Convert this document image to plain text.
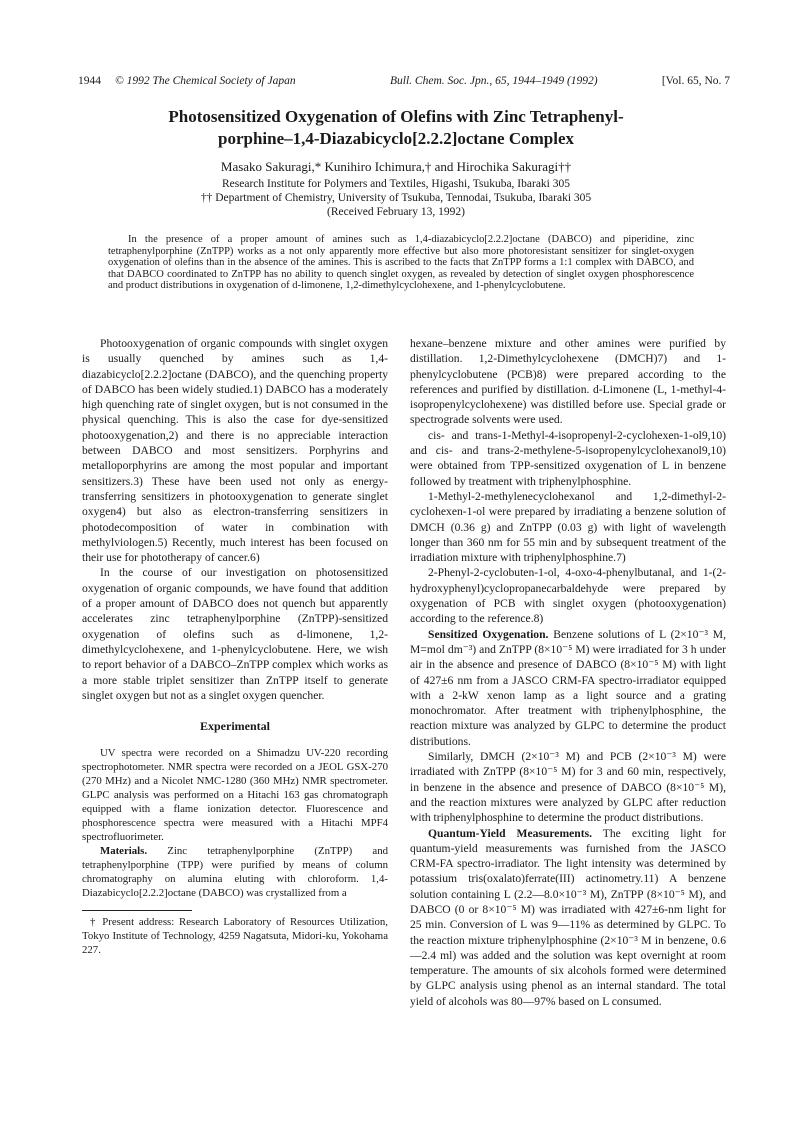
1944 © 1992 The Chemical Society of Japan	Bull. Chem. Soc. Jpn., 65, 1944–1949 (1992)	[Vol. 65, No. 7
Photosensitized Oxygenation of Olefins with Zinc Tetraphenyl-
porphine–1,4-Diazabicyclo[2.2.2]octane Complex
Masako Sakuragi,* Kunihiro Ichimura,† and Hirochika Sakuragi††
Research Institute for Polymers and Textiles, Higashi, Tsukuba, Ibaraki 305
†† Department of Chemistry, University of Tsukuba, Tennodai, Tsukuba, Ibaraki 305
(Received February 13, 1992)

In the presence of a proper amount of amines such as 1,4-diazabicyclo[2.2.2]octane (DABCO) and piperidine, zinc tetraphenylporphine (ZnTPP) works as a not only apparently more effective but also more photoresistant sensitizer for singlet-oxygen oxygenation of olefins than in the absence of the amines. This is ascribed to the facts that ZnTPP forms a 1:1 complex with DABCO, and that DABCO coordinated to ZnTPP has no ability to quench singlet oxygen, as revealed by detection of singlet oxygen phosphorescence and product distributions in oxygenation of d-limonene, 1,2-dimethylcyclohexene, and 1-phenylcyclobutene.

Photooxygenation of organic compounds with singlet oxygen is usually quenched by amines such as 1,4-diazabicyclo[2.2.2]octane (DABCO), and the quenching property of DABCO has been widely studied.1) DABCO has a moderately high quenching rate of singlet oxygen, but is not consumed in the physical quenching. This is also the case for dye-sensitized photooxygenation,2) and there is no appreciable interaction between DABCO and most sensitizers. Porphyrins and metalloporphyrins are among the most popular and important sensitizers.3) These have been used not only as energy-transferring sensitizers in photooxygenation to generate singlet oxygen4) but also as electron-transferring sensitizers in photodecomposition of water in combination with methylviologen.5) Recently, much interest has been focused on their use for phototherapy of cancer.6)

In the course of our investigation on photosensitized oxygenation of organic compounds, we have found that addition of a proper amount of DABCO does not quench but apparently accelerates zinc tetraphenylporphine (ZnTPP)-sensitized oxygenation of olefins such as d-limonene, 1,2-dimethylcyclohexene, and 1-phenylcyclobutene. Here, we wish to report behavior of a DABCO–ZnTPP complex which works as a more stable triplet sensitizer than ZnTPP itself to generate singlet oxygen but not as a singlet oxygen quencher.

Experimental

UV spectra were recorded on a Shimadzu UV-220 recording spectrophotometer. NMR spectra were recorded on a JEOL GSX-270 (270 MHz) and a Nicolet NMC-1280 (360 MHz) NMR spectrometer. GLPC analysis was performed on a Hitachi 163 gas chromatograph equipped with a flame ionization detector. Fluorescence and phosphorescence spectra were measured with a Hitachi MPF4 spectrofluorimeter.

Materials. Zinc tetraphenylporphine (ZnTPP) and tetraphenylporphine (TPP) were purified by means of column chromatography on alumina eluting with chloroform. 1,4-Diazabicyclo[2.2.2]octane (DABCO) was crystallized from a

† Present address: Research Laboratory of Resources Utilization, Tokyo Institute of Technology, 4259 Nagatsuta, Midori-ku, Yokohama 227.

hexane–benzene mixture and other amines were purified by distillation. 1,2-Dimethylcyclohexene (DMCH)7) and 1-phenylcyclobutene (PCB)8) were prepared according to the references and purified by distillation. d-Limonene (L, 1-methyl-4-isopropenylcyclohexene) was distilled before use. Special grade or spectrograde solvents were used.

cis- and trans-1-Methyl-4-isopropenyl-2-cyclohexen-1-ol9,10) and cis- and trans-2-methylene-5-isopropenylcyclohexanol9,10) were obtained from TPP-sensitized oxygenation of L in benzene followed by treatment with triphenylphosphine.

1-Methyl-2-methylenecyclohexanol and 1,2-dimethyl-2-cyclohexen-1-ol were prepared by irradiating a benzene solution of DMCH (0.36 g) and ZnTPP (0.03 g) with light of wavelength longer than 360 nm for 55 min and by subsequent treatment of the irradiation mixture with triphenylphosphine.7)

2-Phenyl-2-cyclobuten-1-ol, 4-oxo-4-phenylbutanal, and 1-(2-hydroxyphenyl)cyclopropanecarbaldehyde were prepared by oxygenation of PCB with singlet oxygen (photooxygenation) according to the reference.8)

Sensitized Oxygenation. Benzene solutions of L (2×10⁻³ M, M=mol dm⁻³) and ZnTPP (8×10⁻⁵ M) were irradiated for 3 h under air in the absence and presence of DABCO (8×10⁻⁵ M) with light of 427±6 nm from a JASCO CRM-FA spectro-irradiator equipped with a 2-kW xenon lamp as a light source and a grating monochromator. After treatment with triphenylphosphine, the reaction mixture was analyzed by GLPC to determine the product distributions.

Similarly, DMCH (2×10⁻³ M) and PCB (2×10⁻³ M) were irradiated with ZnTPP (8×10⁻⁵ M) for 3 and 60 min, respectively, in benzene in the absence and presence of DABCO (8×10⁻⁵ M), and the reaction mixtures were analyzed by GLPC after reduction with triphenylphosphine to determine the product distributions.

Quantum-Yield Measurements. The exciting light for quantum-yield measurements was furnished from the JASCO CRM-FA spectro-irradiator. The light intensity was determined by potassium tris(oxalato)ferrate(III) actinometry.11) A benzene solution containing L (2.2—8.0×10⁻³ M), ZnTPP (8×10⁻⁵ M), and DABCO (0 or 8×10⁻⁵ M) was irradiated with 427±6-nm light for 25 min. Conversion of L was 9—11% as determined by GLPC. To the reaction mixture triphenylphosphine (2×10⁻³ M in benzene, 0.6—2.4 ml) was added and the solution was kept overnight at room temperature. The amounts of six alcohols formed were determined by GLPC analysis using phenol as an internal standard. The total yield of alcohols was 80—97% based on L consumed.
